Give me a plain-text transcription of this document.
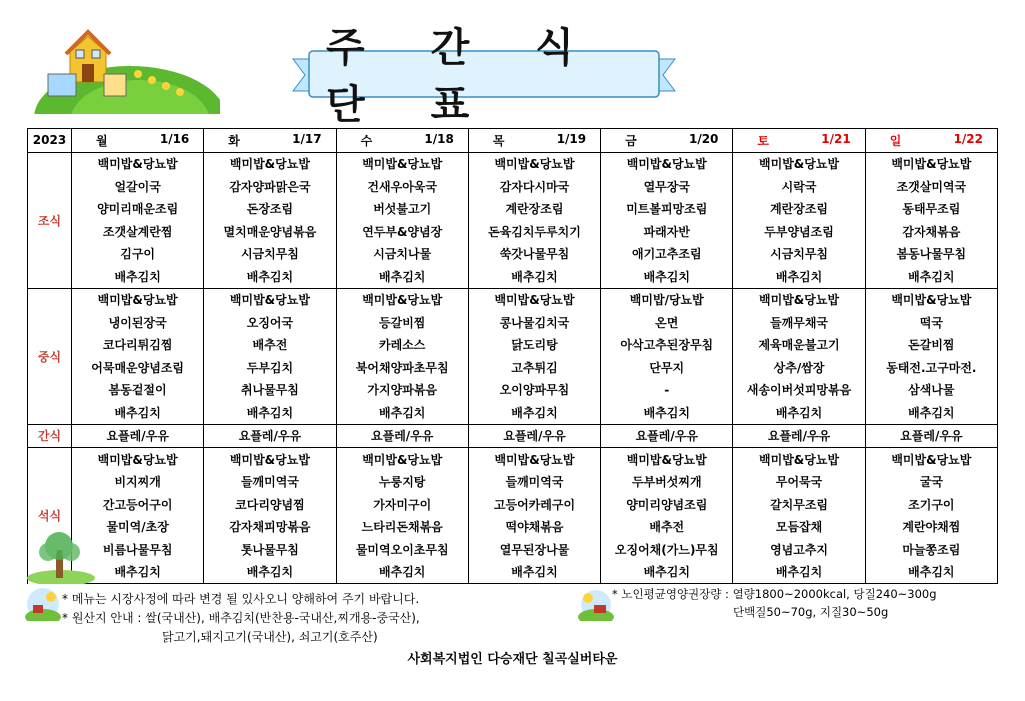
주 간 식 단 표
2023	월 1/16	화 1/17	수 1/18	목 1/19	금 1/20	토 1/21	일 1/22

조식	백미밥&당뇨밥	백미밥&당뇨밥	백미밥&당뇨밥	백미밥&당뇨밥	백미밥&당뇨밥	백미밥&당뇨밥	백미밥&당뇨밥
	얼갈이국	감자양파맑은국	건새우아욱국	감자다시마국	열무장국	시락국	조갯살미역국
	양미리매운조림	돈장조림	버섯불고기	계란장조림	미트볼피망조림	계란장조림	동태무조림
	조갯살계란찜	멸치매운양념볶음	연두부&양념장	돈육김치두루치기	파래자반	두부양념조림	감자채볶음
	김구이	시금치무침	시금치나물	쑥갓나물무침	애기고추조림	시금치무침	봄동나물무침
	배추김치	배추김치	배추김치	배추김치	배추김치	배추김치	배추김치
중식	백미밥&당뇨밥	백미밥&당뇨밥	백미밥&당뇨밥	백미밥&당뇨밥	백미밥/당뇨밥	백미밥&당뇨밥	백미밥&당뇨밥
	냉이된장국	오징어국	등갈비찜	콩나물김치국	온면	들깨무채국	떡국
	코다리튀김찜	배추전	카레소스	닭도리탕	아삭고추된장무침	제육매운불고기	돈갈비찜
	어묵매운양념조림	두부김치	북어채양파초무침	고추튀김	단무지	상추/쌈장	동태전.고구마전.
	봄동겉절이	취나물무침	가지양파볶음	오이양파무침	-	새송이버섯피망볶음	삼색나물
	배추김치	배추김치	배추김치	배추김치	배추김치	배추김치	배추김치
간식	요플레/우유	요플레/우유	요플레/우유	요플레/우유	요플레/우유	요플레/우유	요플레/우유
석식	백미밥&당뇨밥	백미밥&당뇨밥	백미밥&당뇨밥	백미밥&당뇨밥	백미밥&당뇨밥	백미밥&당뇨밥	백미밥&당뇨밥
	비지찌개	들깨미역국	누룽지탕	들깨미역국	두부버섯찌개	무어묵국	굴국
	간고등어구이	코다리양념찜	가자미구이	고등어카레구이	양미리양념조림	갈치무조림	조기구이
	물미역/초장	감자채피망볶음	느타리돈채볶음	떡야채볶음	배추전	모듬잡채	계란야채찜
	비름나물무침	톳나물무침	물미역오이초무침	열무된장나물	오징어채(가느)무침	영념고추지	마늘쫑조림
	배추김치	배추김치	배추김치	배추김치	배추김치	배추김치	배추김치
* 메뉴는 시장사정에 따라 변경 될 있사오니 양해하여 주기 바랍니다.
* 원산지 안내 : 쌀(국내산), 배추김치(반찬용-국내산,찌개용-중국산),
닭고기,돼지고기(국내산), 쇠고기(호주산)
* 노인평균영양권장량 : 열량1800~2000kcal, 당질240~300g
단백질50~70g, 지질30~50g
사회복지법인 다승재단 칠곡실버타운
